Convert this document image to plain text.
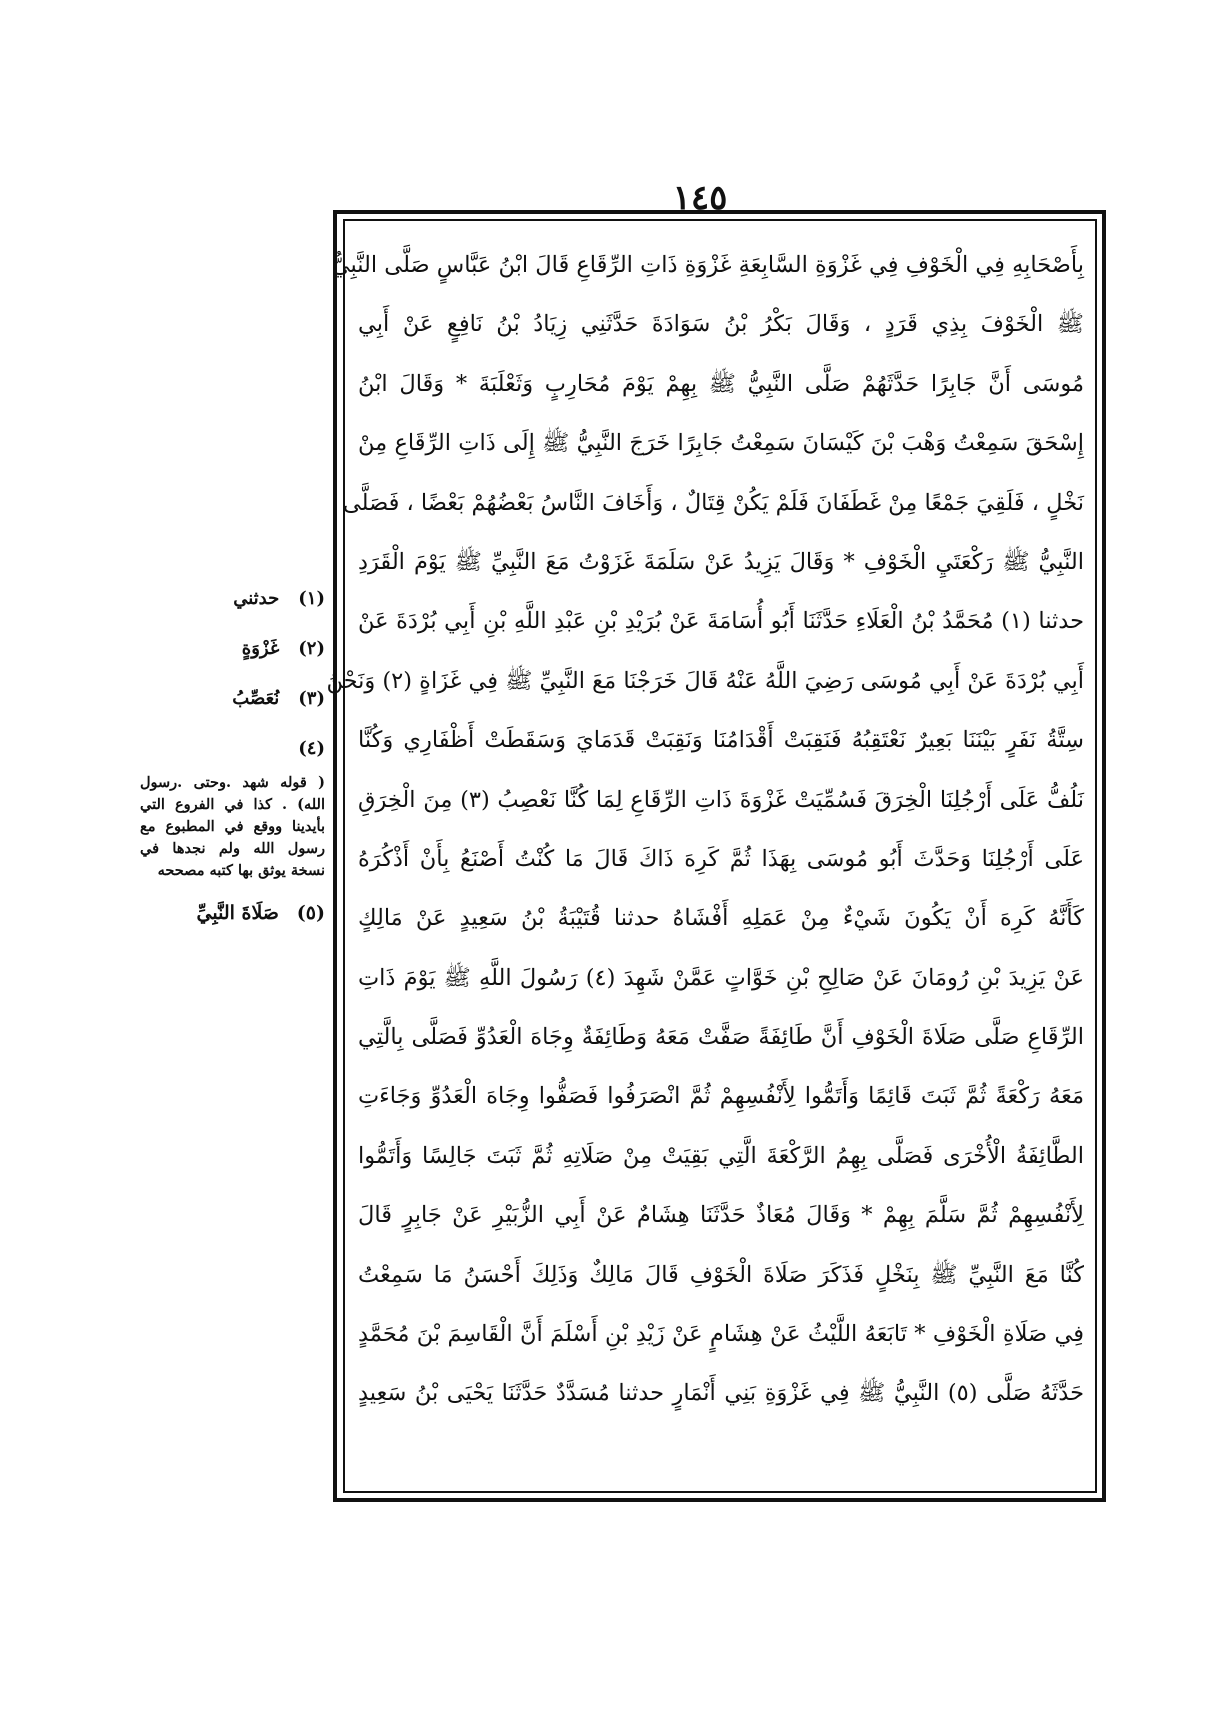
١٤٥
(١) حدثني
(٢) غَزْوَةٍ
(٣) نُعَصِّبُ
(٤)
( قوله شهد .وحتى .رسول الله) . كذا في الفروع التي بأيدينا ووقع في المطبوع مع رسول الله ولم نجدها في نسخة يوثق بها كتبه مصححه
(٥) صَلَاةَ النَّبِيِّ
بِأَصْحَابِهِ فِي الْخَوْفِ فِي غَزْوَةِ السَّابِعَةِ غَزْوَةِ ذَاتِ الرِّقَاعِ قَالَ ابْنُ عَبَّاسٍ صَلَّى النَّبِيُّ
ﷺ الْخَوْفَ بِذِي قَرَدٍ ، وَقَالَ بَكْرُ بْنُ سَوَادَةَ حَدَّثَنِي زِيَادُ بْنُ نَافِعٍ عَنْ أَبِي
مُوسَى أَنَّ جَابِرًا حَدَّثَهُمْ صَلَّى النَّبِيُّ ﷺ بِهِمْ يَوْمَ مُحَارِبٍ وَثَعْلَبَةَ * وَقَالَ ابْنُ
إِسْحَقَ سَمِعْتُ وَهْبَ بْنَ كَيْسَانَ سَمِعْتُ جَابِرًا خَرَجَ النَّبِيُّ ﷺ إِلَى ذَاتِ الرِّقَاعِ مِنْ
نَخْلٍ ، فَلَقِيَ جَمْعًا مِنْ غَطَفَانَ فَلَمْ يَكُنْ قِتَالٌ ، وَأَخَافَ النَّاسُ بَعْضُهُمْ بَعْضًا ، فَصَلَّى
النَّبِيُّ ﷺ رَكْعَتَيِ الْخَوْفِ * وَقَالَ يَزِيدُ عَنْ سَلَمَةَ غَزَوْتُ مَعَ النَّبِيِّ ﷺ يَوْمَ الْقَرَدِ
حدثنا (١) مُحَمَّدُ بْنُ الْعَلَاءِ حَدَّثَنَا أَبُو أُسَامَةَ عَنْ بُرَيْدِ بْنِ عَبْدِ اللَّهِ بْنِ أَبِي بُرْدَةَ عَنْ
أَبِي بُرْدَةَ عَنْ أَبِي مُوسَى رَضِيَ اللَّهُ عَنْهُ قَالَ خَرَجْنَا مَعَ النَّبِيِّ ﷺ فِي غَزَاةٍ (٢) وَنَحْنُ
سِتَّةُ نَفَرٍ بَيْنَنَا بَعِيرٌ نَعْتَقِبُهُ فَنَقِبَتْ أَقْدَامُنَا وَنَقِبَتْ قَدَمَايَ وَسَقَطَتْ أَظْفَارِي وَكُنَّا
نَلُفُّ عَلَى أَرْجُلِنَا الْخِرَقَ فَسُمِّيَتْ غَزْوَةَ ذَاتِ الرِّقَاعِ لِمَا كُنَّا نَعْصِبُ (٣) مِنَ الْخِرَقِ
عَلَى أَرْجُلِنَا وَحَدَّثَ أَبُو مُوسَى بِهَذَا ثُمَّ كَرِهَ ذَاكَ قَالَ مَا كُنْتُ أَصْنَعُ بِأَنْ أَذْكُرَهُ
كَأَنَّهُ كَرِهَ أَنْ يَكُونَ شَيْءٌ مِنْ عَمَلِهِ أَفْشَاهُ حدثنا قُتَيْبَةُ بْنُ سَعِيدٍ عَنْ مَالِكٍ
عَنْ يَزِيدَ بْنِ رُومَانَ عَنْ صَالِحِ بْنِ خَوَّاتٍ عَمَّنْ شَهِدَ (٤) رَسُولَ اللَّهِ ﷺ يَوْمَ ذَاتِ
الرِّقَاعِ صَلَّى صَلَاةَ الْخَوْفِ أَنَّ طَائِفَةً صَفَّتْ مَعَهُ وَطَائِفَةٌ وِجَاهَ الْعَدُوِّ فَصَلَّى بِالَّتِي
مَعَهُ رَكْعَةً ثُمَّ ثَبَتَ قَائِمًا وَأَتَمُّوا لِأَنْفُسِهِمْ ثُمَّ انْصَرَفُوا فَصَفُّوا وِجَاهَ الْعَدُوِّ وَجَاءَتِ
الطَّائِفَةُ الْأُخْرَى فَصَلَّى بِهِمُ الرَّكْعَةَ الَّتِي بَقِيَتْ مِنْ صَلَاتِهِ ثُمَّ ثَبَتَ جَالِسًا وَأَتَمُّوا
لِأَنْفُسِهِمْ ثُمَّ سَلَّمَ بِهِمْ * وَقَالَ مُعَاذٌ حَدَّثَنَا هِشَامٌ عَنْ أَبِي الزُّبَيْرِ عَنْ جَابِرٍ قَالَ
كُنَّا مَعَ النَّبِيِّ ﷺ بِنَخْلٍ فَذَكَرَ صَلَاةَ الْخَوْفِ قَالَ مَالِكٌ وَذَلِكَ أَحْسَنُ مَا سَمِعْتُ
فِي صَلَاةِ الْخَوْفِ * تَابَعَهُ اللَّيْثُ عَنْ هِشَامٍ عَنْ زَيْدِ بْنِ أَسْلَمَ أَنَّ الْقَاسِمَ بْنَ مُحَمَّدٍ
حَدَّثَهُ صَلَّى (٥) النَّبِيُّ ﷺ فِي غَزْوَةِ بَنِي أَنْمَارٍ حدثنا مُسَدَّدٌ حَدَّثَنَا يَحْيَى بْنُ سَعِيدٍ
